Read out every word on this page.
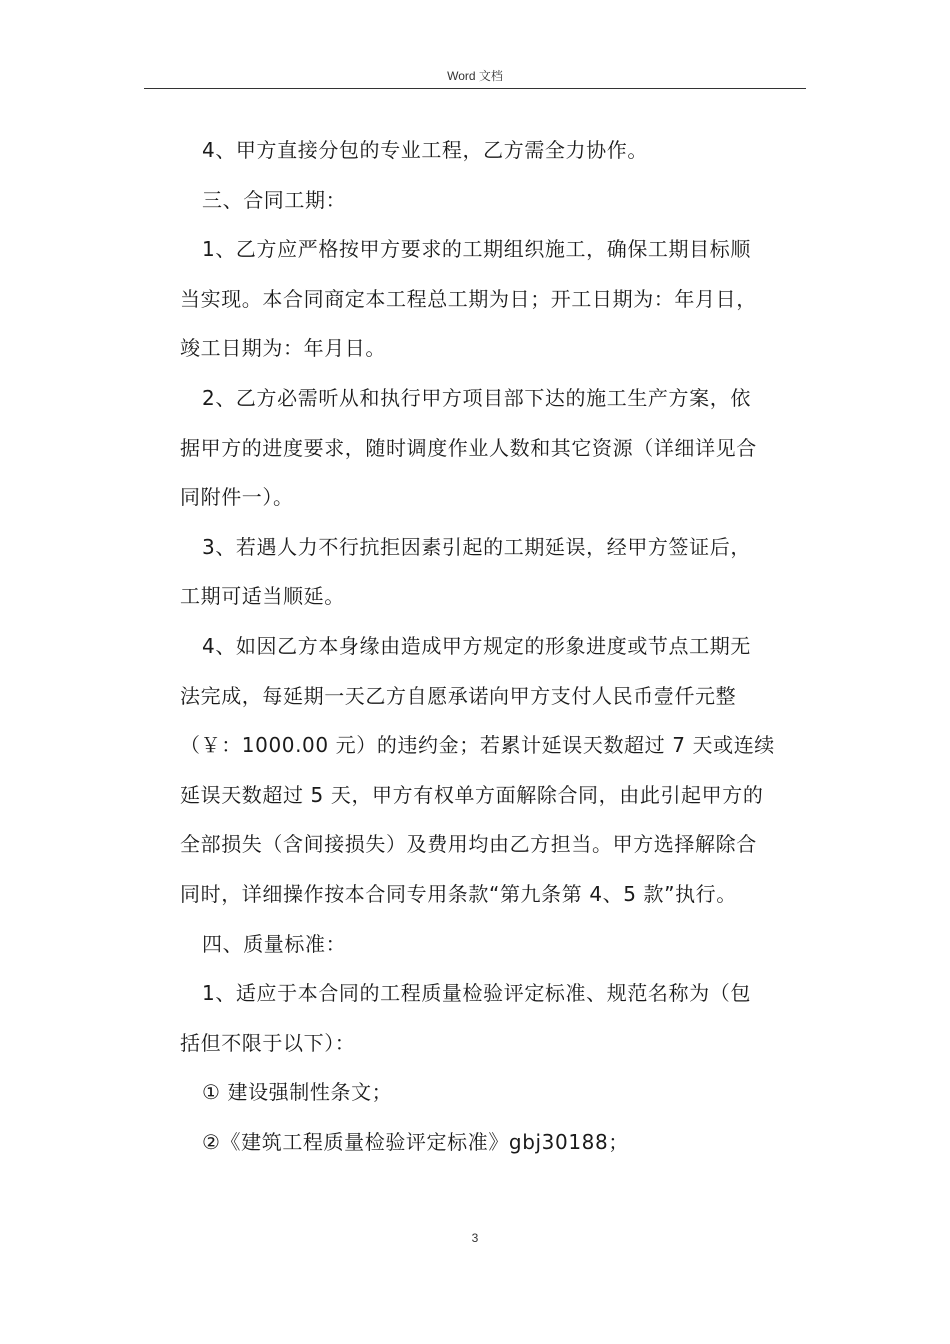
Word 文档

4、甲方直接分包的专业工程，乙方需全力协作。

三、合同工期：

1、乙方应严格按甲方要求的工期组织施工，确保工期目标顺

当实现。本合同商定本工程总工期为日；开工日期为：年月日，

竣工日期为：年月日。

2、乙方必需听从和执行甲方项目部下达的施工生产方案，依

据甲方的进度要求，随时调度作业人数和其它资源（详细详见合

同附件一）。

3、若遇人力不行抗拒因素引起的工期延误，经甲方签证后，

工期可适当顺延。

4、如因乙方本身缘由造成甲方规定的形象进度或节点工期无

法完成，每延期一天乙方自愿承诺向甲方支付人民币壹仟元整

（￥：1000.00 元）的违约金；若累计延误天数超过 7 天或连续

延误天数超过 5 天，甲方有权单方面解除合同，由此引起甲方的

全部损失（含间接损失）及费用均由乙方担当。甲方选择解除合

同时，详细操作按本合同专用条款“第九条第 4、5 款”执行。

四、质量标准：

1、适应于本合同的工程质量检验评定标准、规范名称为（包

括但不限于以下）：

① 建设强制性条文；

②《建筑工程质量检验评定标准》gbj30188；

3
